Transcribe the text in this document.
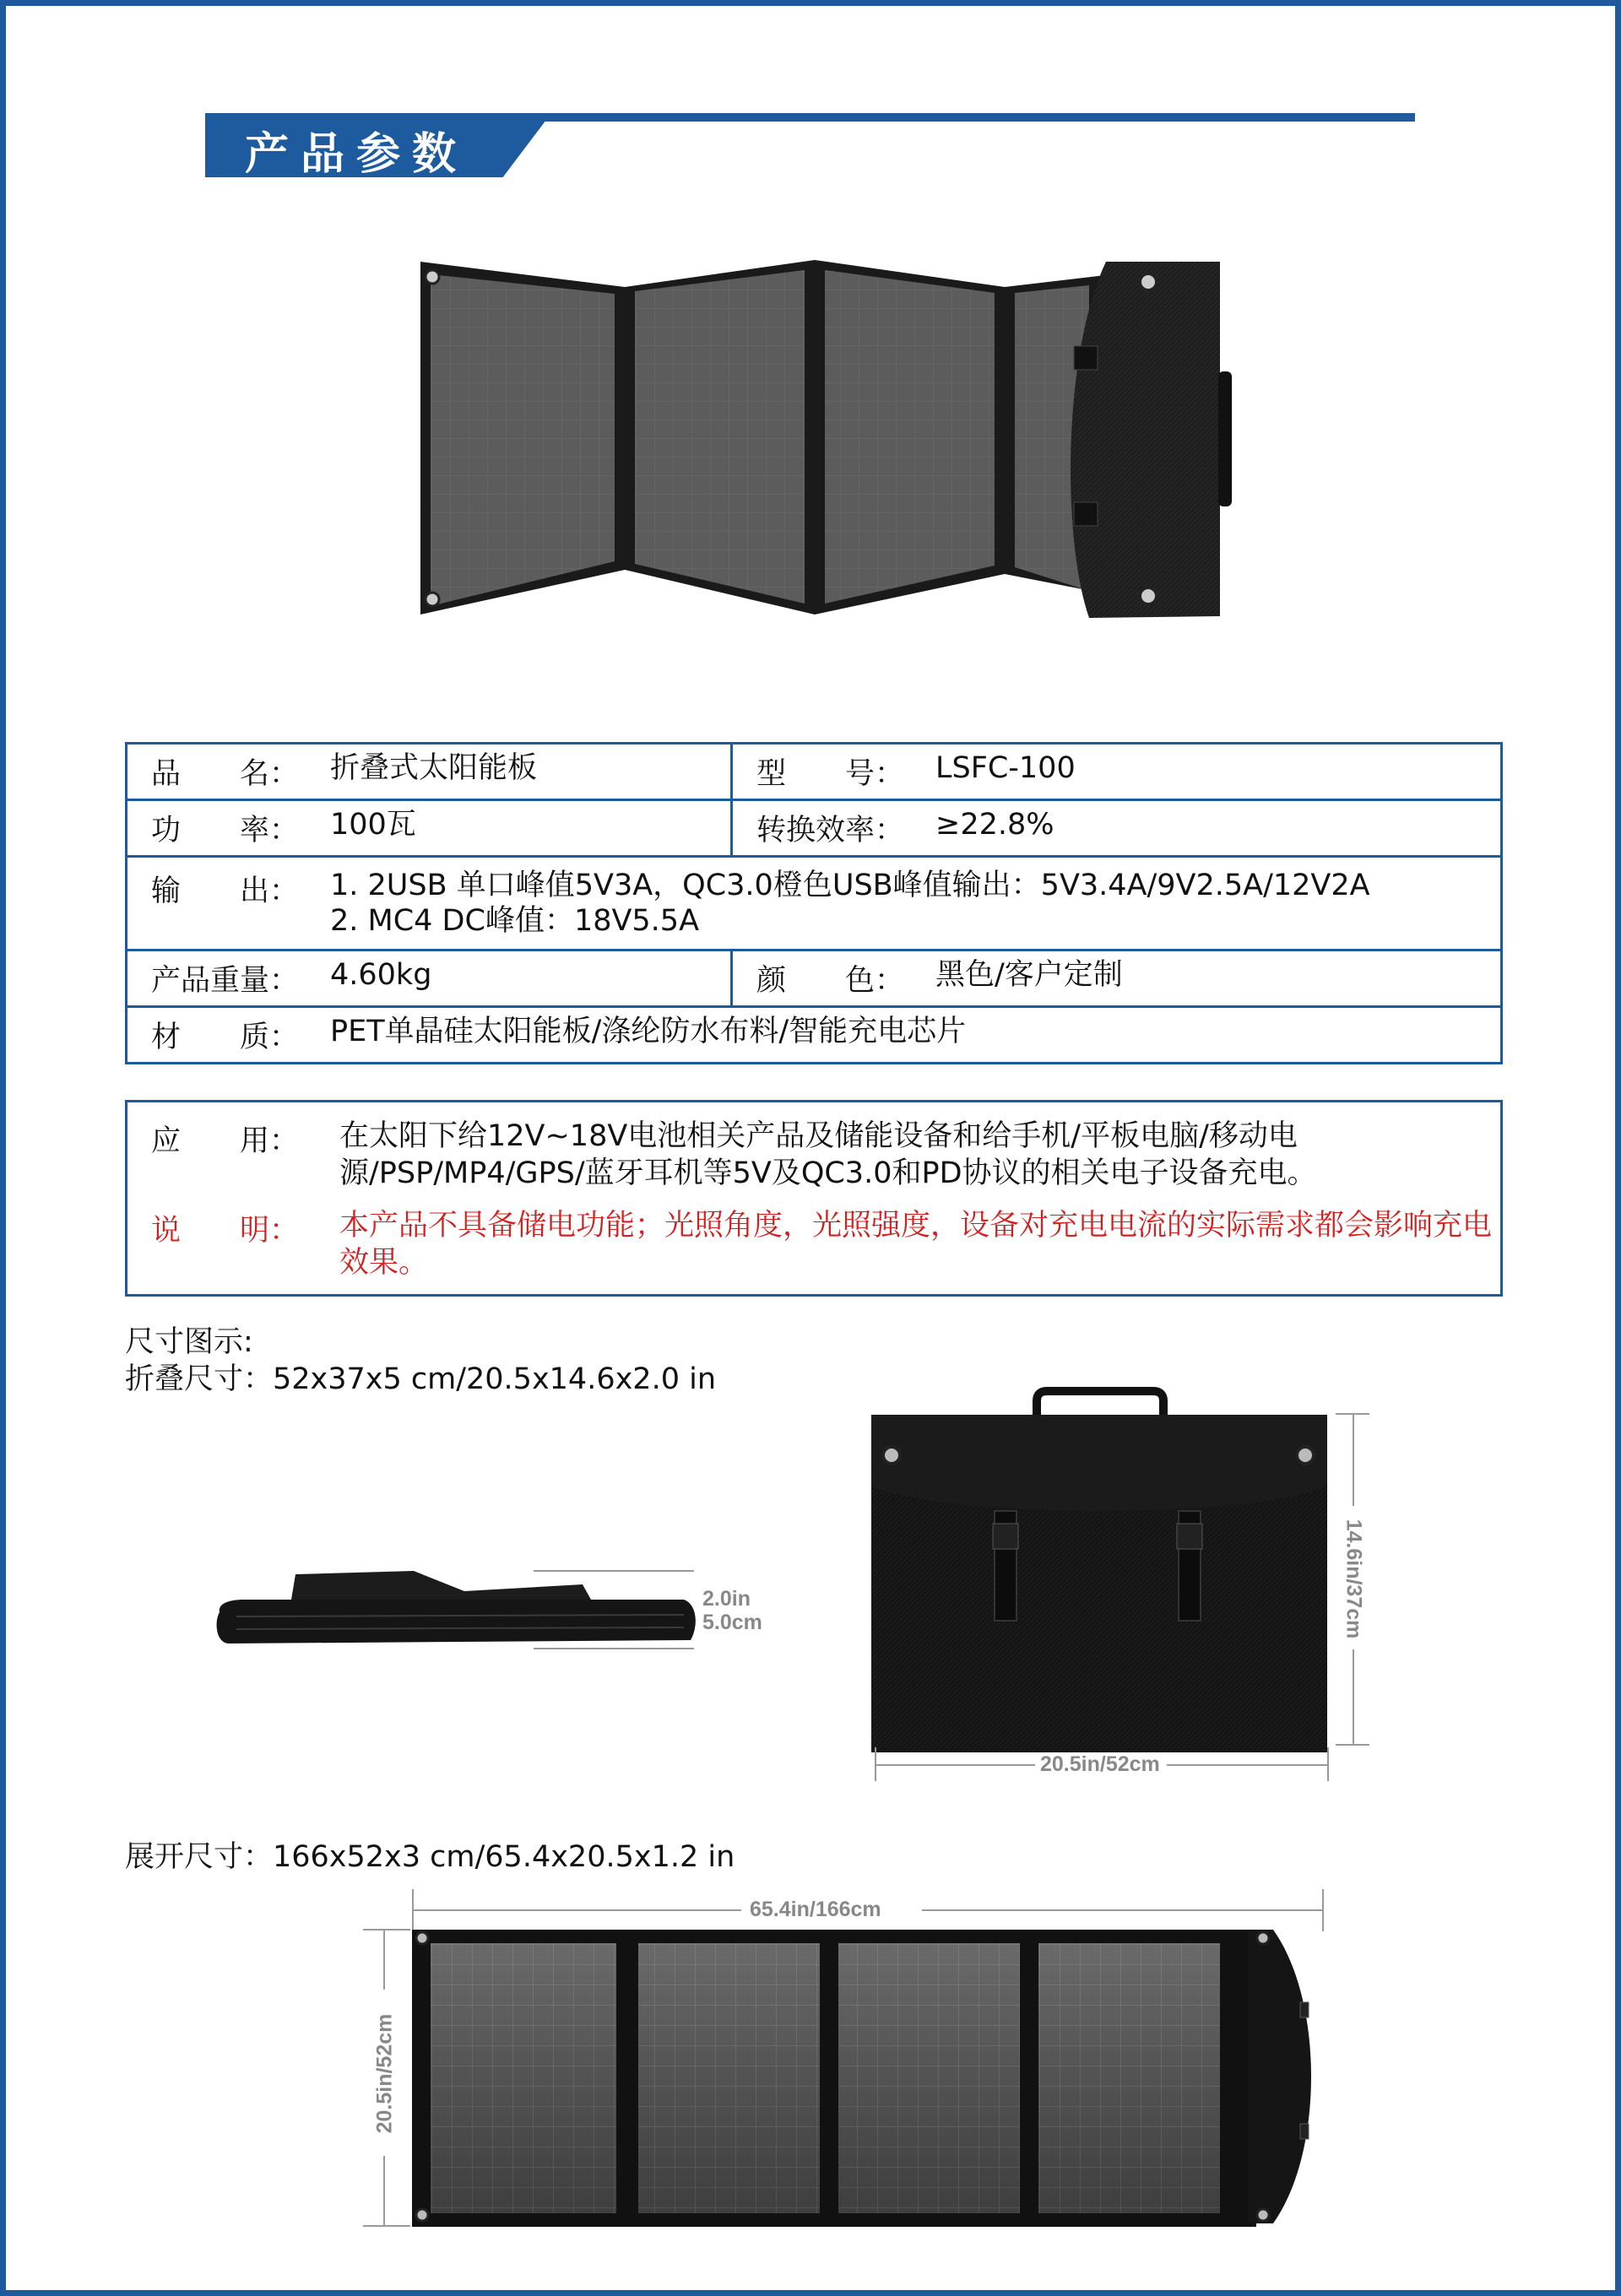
产品参数
品　　名： 折叠式太阳能板	型　　号： LSFC-100

功　　率： 100瓦	转换效率： ≥22.8%

输　　出： 1. 2USB 单口峰值5V3A，QC3.0橙色USB峰值输出：5V3.4A/9V2.5A/12V2A
2. MC4 DC峰值：18V5.5A	

产品重量： 4.60kg	颜　　色： 黑色/客户定制

材　　质： PET单晶硅太阳能板/涤纶防水布料/智能充电芯片	
应　　用：	在太阳下给12V~18V电池相关产品及储能设备和给手机/平板电脑/移动电源/PSP/MP4/GPS/蓝牙耳机等5V及QC3.0和PD协议的相关电子设备充电。
说　　明：	本产品不具备储电功能；光照角度，光照强度，设备对充电电流的实际需求都会影响充电效果。
尺寸图示:
折叠尺寸：52x37x5 cm/20.5x14.6x2.0 in
2.0in
5.0cm
20.5in/52cm
14.6in/37cm
展开尺寸：166x52x3 cm/65.4x20.5x1.2 in
65.4in/166cm
20.5in/52cm
